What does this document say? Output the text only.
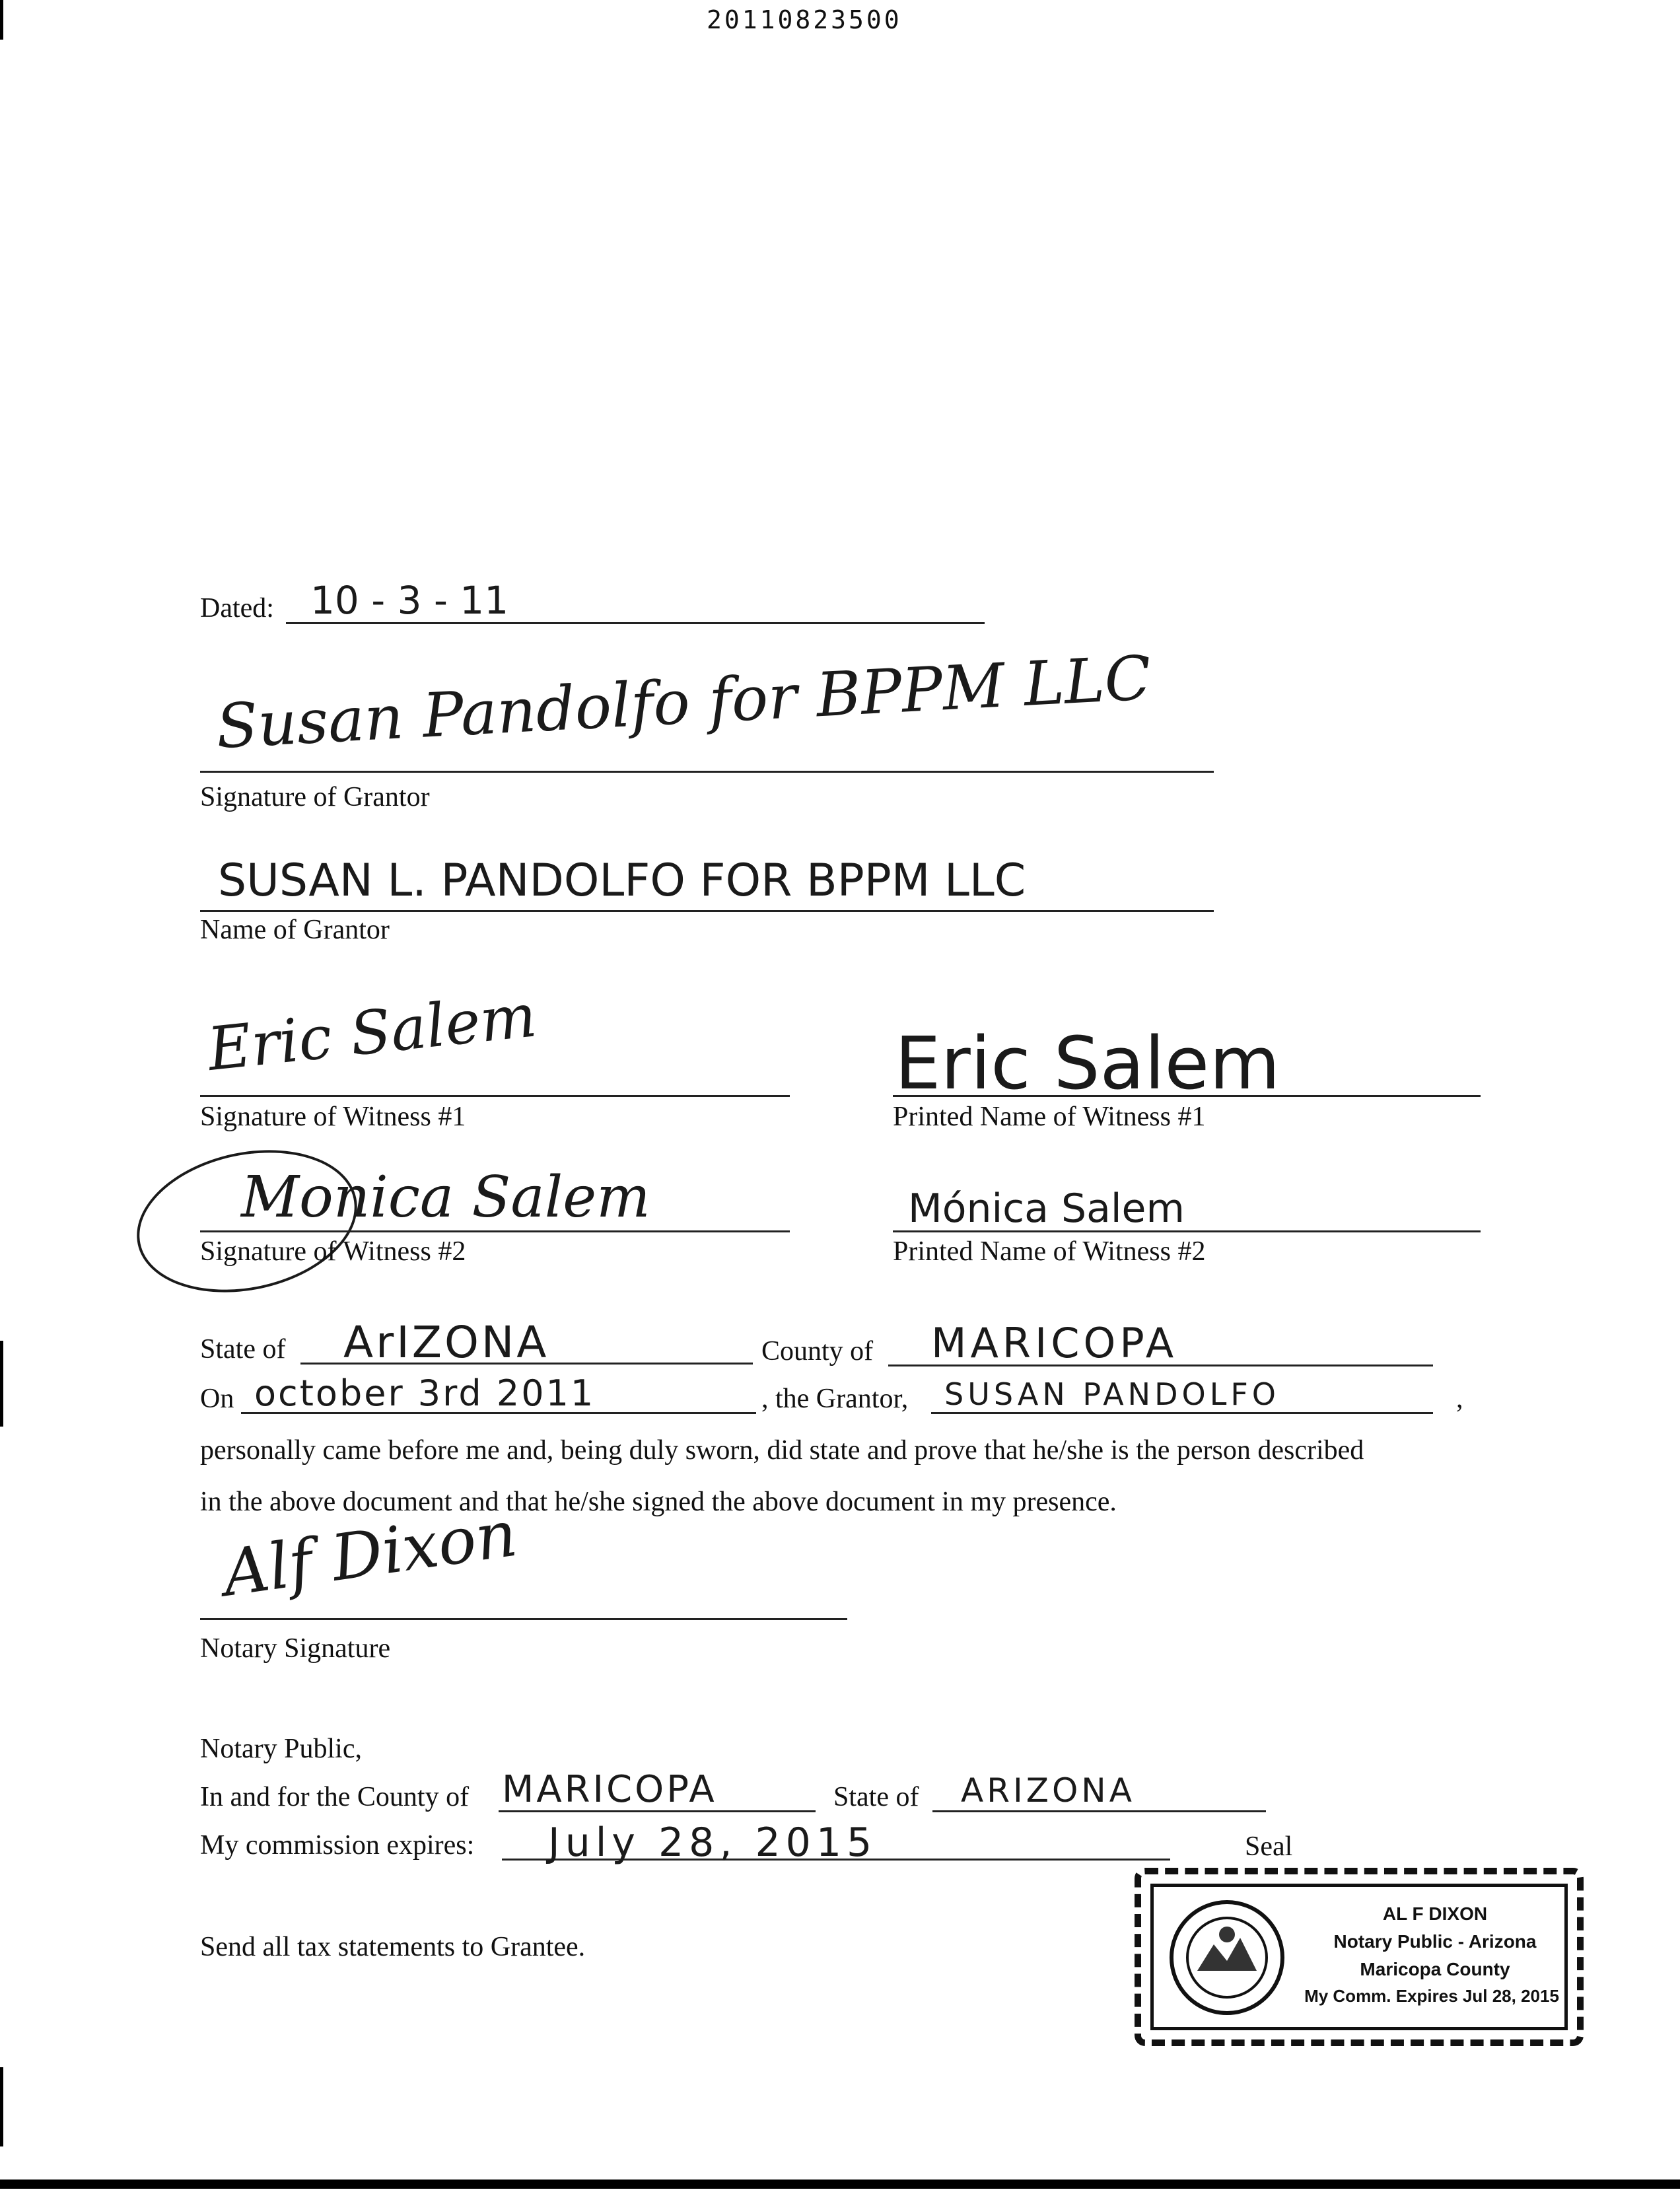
20110823500
Dated: 10 - 3 - 11
Susan Pandolfo for BPPM LLC
Signature of Grantor
SUSAN L. PANDOLFO FOR BPPM LLC
Name of Grantor
Eric Salem
Signature of Witness #1
Eric Salem
Printed Name of Witness #1
Monica Salem
Signature of Witness #2
Mónica Salem
Printed Name of Witness #2
State of ArIZONA	County of MARICOPA
On october 3rd 2011	, the Grantor, SUSAN PANDOLFO	,
personally came before me and, being duly sworn, did state and prove that he/she is the person described
in the above document and that he/she signed the above document in my presence.
Alf Dixon
Notary Signature
Notary Public,
In and for the County of MARICOPA	State of ARIZONA
My commission expires: July 28, 2015	Seal
Send all tax statements to Grantee.
AL F DIXON
Notary Public - Arizona
Maricopa County
My Comm. Expires Jul 28, 2015
